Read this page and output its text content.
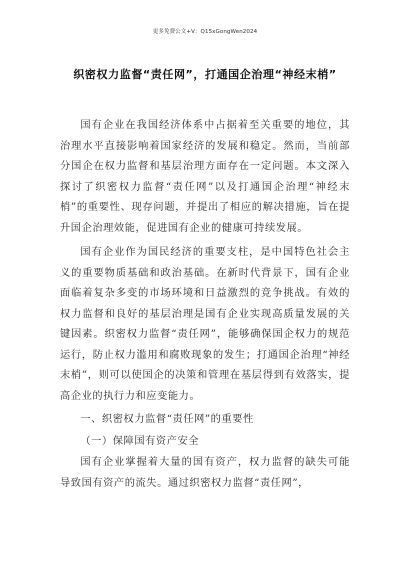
更多免费公文+V：Q15xGongWen2024
织密权力监督“责任网”，打通国企治理“神经末梢”

国有企业在我国经济体系中占据着至关重要的地位，其治理水平直接影响着国家经济的发展和稳定。然而，当前部分国企在权力监督和基层治理方面存在一定问题。本文深入探讨了织密权力监督“责任网”以及打通国企治理“神经末梢”的重要性、现存问题，并提出了相应的解决措施，旨在提升国企治理效能，促进国有企业的健康可持续发展。

国有企业作为国民经济的重要支柱，是中国特色社会主义的重要物质基础和政治基础。在新时代背景下，国有企业面临着复杂多变的市场环境和日益激烈的竞争挑战。有效的权力监督和良好的基层治理是国有企业实现高质量发展的关键因素。织密权力监督“责任网”，能够确保国企权力的规范运行，防止权力滥用和腐败现象的发生；打通国企治理“神经末梢”，则可以使国企的决策和管理在基层得到有效落实，提高企业的执行力和应变能力。

一、织密权力监督“责任网”的重要性

（一）保障国有资产安全

国有企业掌握着大量的国有资产，权力监督的缺失可能导致国有资产的流失。通过织密权力监督“责任网”，
